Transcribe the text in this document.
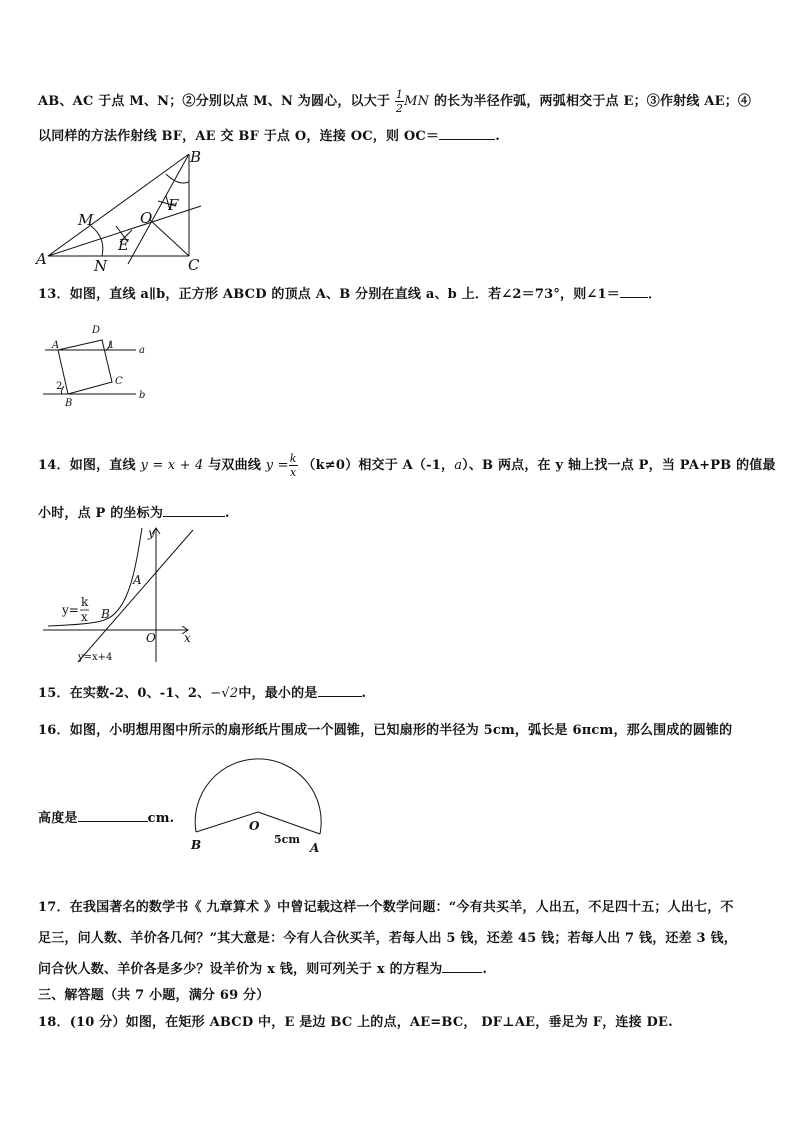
AB、AC 于点 M、N；②分别以点 M、N 为圆心，以大于 $\frac{1}{2}$ MN 的长为半径作弧，两弧相交于点 E；③作射线 AE；④
以同样的方法作射线 BF，AE 交 BF 于点 O，连接 OC，则 OC＝	.
A
B
C
M
N
E
O
F
13．如图，直线 a∥b，正方形 ABCD 的顶点 A、B 分别在直线 a、b 上．若∠2＝73°，则∠1＝ ．
A
D
C
B
a
b
1
2
14．如图，直线 y = x + 4 与双曲线 $y = \frac{k}{x} (k\ne 0)$相交于 A（-1，a）、B 两点，在 y 轴上找一点 P，当 PA+PB 的值最
小时，点 P 的坐标为	.
y
x
O
A
B
y=
k
x
y=x+4
15．在实数-2、0、-1、2、−√2中，最小的是	.
16．如图，小明想用图中所示的扇形纸片围成一个圆锥，已知扇形的半径为 5cm，弧长是 6πcm，那么围成的圆锥的
高度是	cm.	O
B	A
5cm
17．在我国著名的数学书《 九章算术 》中曾记载这样一个数学问题：“今有共买羊，人出五，不足四十五；人出七，不
足三，问人数、羊价各几何？”其大意是：今有人合伙买羊，若每人出 5 钱，还差 45 钱；若每人出 7 钱，还差 3 钱，
问合伙人数、羊价各是多少？设羊价为 x 钱，则可列关于 x 的方程为	.
三、解答题（共 7 小题，满分 69 分）
18．(10 分）如图，在矩形 ABCD 中，E 是边 BC 上的点，AE=BC， DF⊥AE，垂足为 F，连接 DE.
